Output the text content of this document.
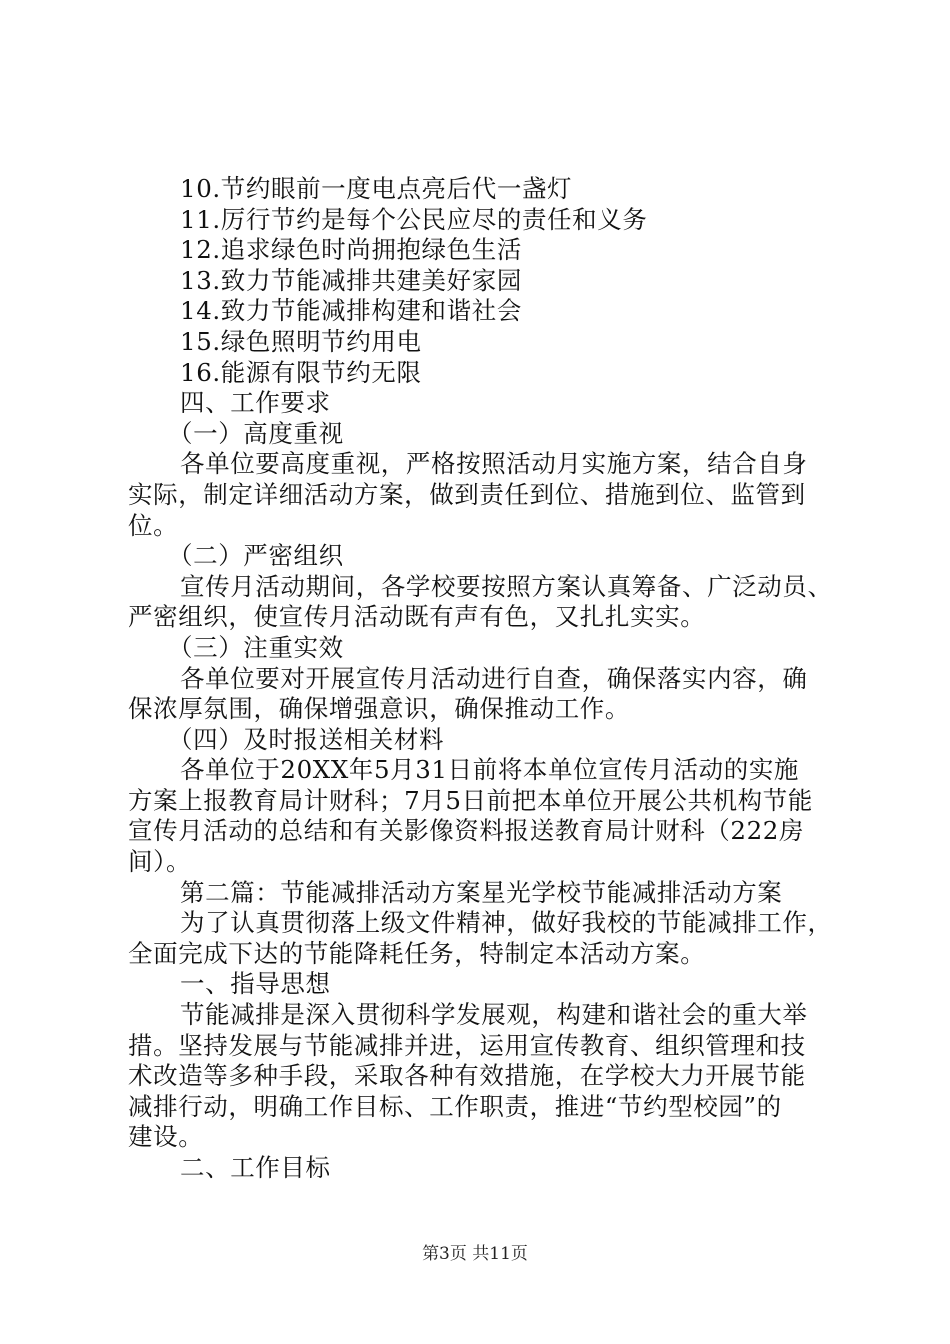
10.节约眼前一度电点亮后代一盏灯
11.厉行节约是每个公民应尽的责任和义务
12.追求绿色时尚拥抱绿色生活
13.致力节能减排共建美好家园
14.致力节能减排构建和谐社会
15.绿色照明节约用电
16.能源有限节约无限
四、工作要求
（一）高度重视
各单位要高度重视，严格按照活动月实施方案，结合自身
实际，制定详细活动方案，做到责任到位、措施到位、监管到
位。
（二）严密组织
宣传月活动期间，各学校要按照方案认真筹备、广泛动员、
严密组织，使宣传月活动既有声有色，又扎扎实实。
（三）注重实效
各单位要对开展宣传月活动进行自查，确保落实内容，确
保浓厚氛围，确保增强意识，确保推动工作。
（四）及时报送相关材料
各单位于20XX年5月31日前将本单位宣传月活动的实施
方案上报教育局计财科；7月5日前把本单位开展公共机构节能
宣传月活动的总结和有关影像资料报送教育局计财科（222房
间）。
第二篇：节能减排活动方案星光学校节能减排活动方案
为了认真贯彻落上级文件精神，做好我校的节能减排工作，
全面完成下达的节能降耗任务，特制定本活动方案。
一、指导思想
节能减排是深入贯彻科学发展观，构建和谐社会的重大举
措。坚持发展与节能减排并进，运用宣传教育、组织管理和技
术改造等多种手段，采取各种有效措施，在学校大力开展节能
减排行动，明确工作目标、工作职责，推进“节约型校园”的
建设。
二、工作目标
第3页 共11页
